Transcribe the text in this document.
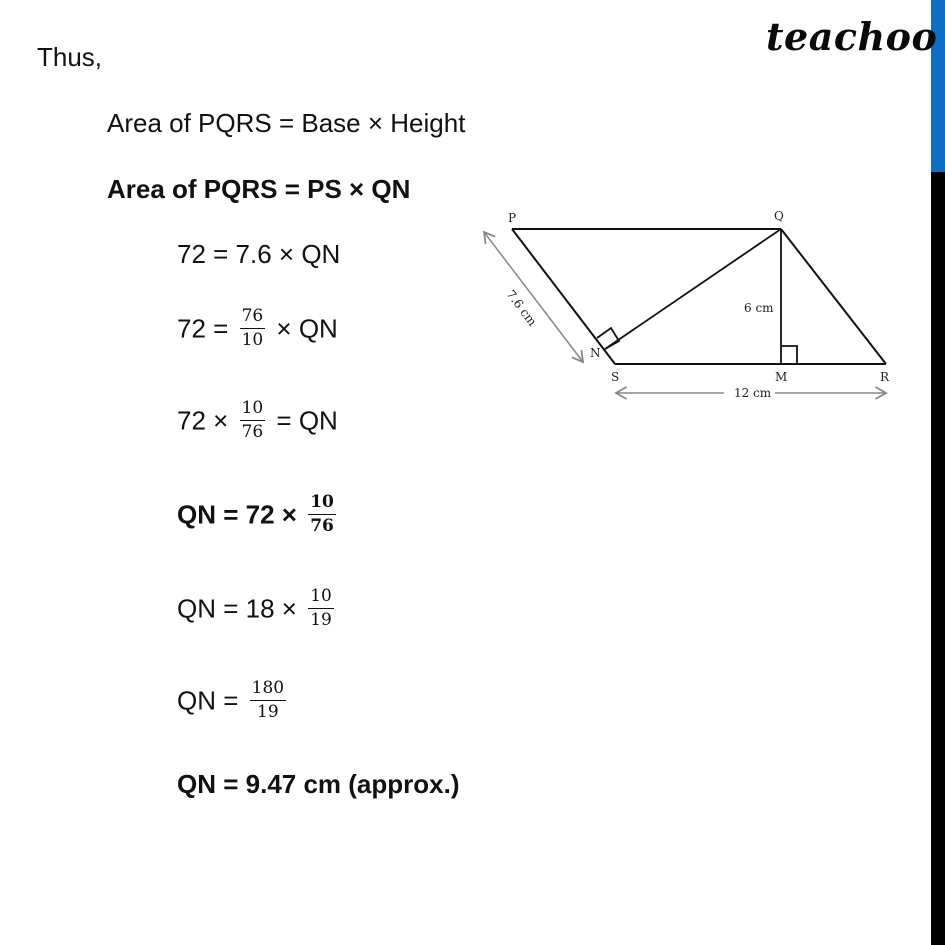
teachoo
Thus,
Area of PQRS = Base × Height
Area of PQRS = PS × QN
72 = 7.6 × QN
$72 = \frac{76}{10}$ × QN
$72 \times \frac{10}{76}$ = QN
QN = $72 \times \frac{10}{76}$
QN = $18 \times \frac{10}{19}$
QN = $\frac{180}{19}$
QN = 9.47 cm (approx.)
P	Q
R
S	M
N
6 cm
12 cm
7.6 cm
